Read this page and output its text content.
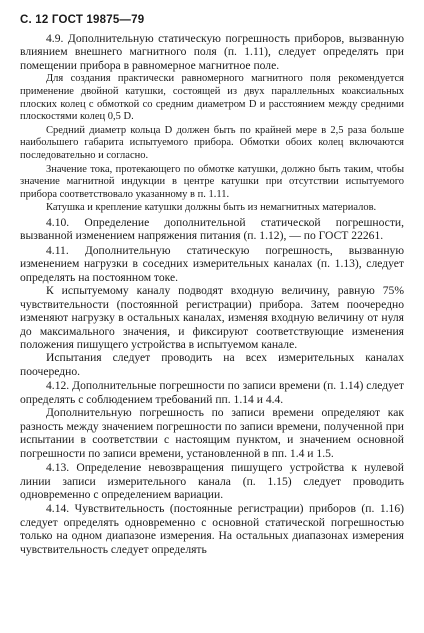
С. 12 ГОСТ 19875—79

4.9. Дополнительную статическую погрешность приборов, вызванную влиянием внешнего магнитного поля (п. 1.11), следует определять при помещении прибора в равномерное магнитное поле.

Для создания практически равномерного магнитного поля рекомендуется применение двойной катушки, состоящей из двух параллельных коаксиальных плоских колец с обмоткой со средним диаметром D и расстоянием между средними плоскостями колец 0,5 D.

Средний диаметр кольца D должен быть по крайней мере в 2,5 раза больше наибольшего габарита испытуемого прибора. Обмотки обоих колец включаются последовательно и согласно.

Значение тока, протекающего по обмотке катушки, должно быть таким, чтобы значение магнитной индукции в центре катушки при отсутствии испытуемого прибора соответствовало указанному в п. 1.11.

Катушка и крепление катушки должны быть из немагнитных материалов.

4.10. Определение дополнительной статической погрешности, вызванной изменением напряжения питания (п. 1.12), — по ГОСТ 22261.

4.11. Дополнительную статическую погрешность, вызванную изменением нагрузки в соседних измерительных каналах (п. 1.13), следует определять на постоянном токе.

К испытуемому каналу подводят входную величину, равную 75% чувствительности (постоянной регистрации) прибора. Затем поочередно изменяют нагрузку в остальных каналах, изменяя входную величину от нуля до максимального значения, и фиксируют соответствующие изменения положения пишущего устройства в испытуемом канале.

Испытания следует проводить на всех измерительных каналах поочередно.

4.12. Дополнительные погрешности по записи времени (п. 1.14) следует определять с соблюдением требований пп. 1.14 и 4.4.

Дополнительную погрешность по записи времени определяют как разность между значением погрешности по записи времени, полученной при испытании в соответствии с настоящим пунктом, и значением основной погрешности по записи времени, установленной в пп. 1.4 и 1.5.

4.13. Определение невозвращения пишущего устройства к нулевой линии записи измерительного канала (п. 1.15) следует проводить одновременно с определением вариации.

4.14. Чувствительность (постоянные регистрации) приборов (п. 1.16) следует определять одновременно с основной статической погрешностью только на одном диапазоне измерения. На остальных диапазонах измерения чувствительность следует определять
